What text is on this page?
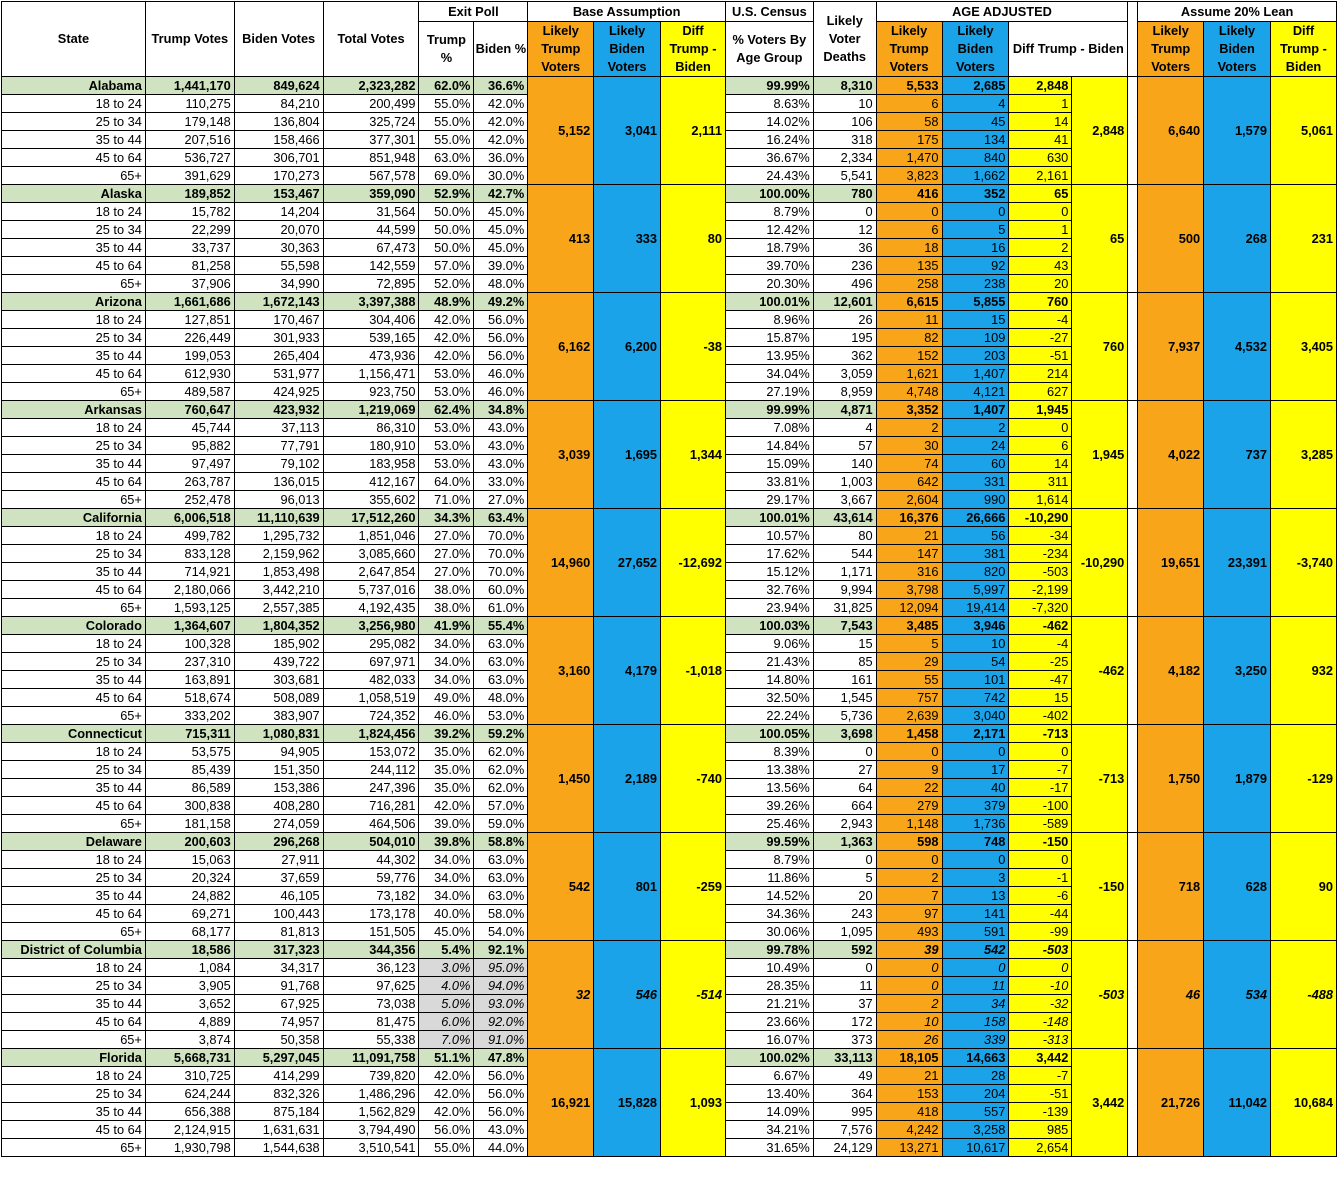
State	Trump Votes	Biden Votes	Total Votes	Exit Poll		Base Assumption			U.S. Census	Likely Voter Deaths	AGE ADJUSTED					Assume 20% Lean		
				Trump %	Biden %	Likely Trump Voters	Likely Biden Voters	Diff Trump - Biden	% Voters By Age Group		Likely Trump Voters	Likely Biden Voters	Diff Trump - Biden			Likely Trump Voters	Likely Biden Voters	Diff Trump - Biden

Alabama	1,441,170	849,624	2,323,282	62.0%	36.6%	5,152	3,041	2,111	99.99%	8,310	5,533	2,685	2,848	2,848		6,640	1,579	5,061
18 to 24	110,275	84,210	200,499	55.0%	42.0%				8.63%	10	6	4	1					
25 to 34	179,148	136,804	325,724	55.0%	42.0%				14.02%	106	58	45	14					
35 to 44	207,516	158,466	377,301	55.0%	42.0%				16.24%	318	175	134	41					
45 to 64	536,727	306,701	851,948	63.0%	36.0%				36.67%	2,334	1,470	840	630					
65+	391,629	170,273	567,578	69.0%	30.0%				24.43%	5,541	3,823	1,662	2,161					
Alaska	189,852	153,467	359,090	52.9%	42.7%	413	333	80	100.00%	780	416	352	65	65		500	268	231
18 to 24	15,782	14,204	31,564	50.0%	45.0%				8.79%	0	0	0	0					
25 to 34	22,299	20,070	44,599	50.0%	45.0%				12.42%	12	6	5	1					
35 to 44	33,737	30,363	67,473	50.0%	45.0%				18.79%	36	18	16	2					
45 to 64	81,258	55,598	142,559	57.0%	39.0%				39.70%	236	135	92	43					
65+	37,906	34,990	72,895	52.0%	48.0%				20.30%	496	258	238	20					
Arizona	1,661,686	1,672,143	3,397,388	48.9%	49.2%	6,162	6,200	-38	100.01%	12,601	6,615	5,855	760	760		7,937	4,532	3,405
18 to 24	127,851	170,467	304,406	42.0%	56.0%				8.96%	26	11	15	-4					
25 to 34	226,449	301,933	539,165	42.0%	56.0%				15.87%	195	82	109	-27					
35 to 44	199,053	265,404	473,936	42.0%	56.0%				13.95%	362	152	203	-51					
45 to 64	612,930	531,977	1,156,471	53.0%	46.0%				34.04%	3,059	1,621	1,407	214					
65+	489,587	424,925	923,750	53.0%	46.0%				27.19%	8,959	4,748	4,121	627					
Arkansas	760,647	423,932	1,219,069	62.4%	34.8%	3,039	1,695	1,344	99.99%	4,871	3,352	1,407	1,945	1,945		4,022	737	3,285
18 to 24	45,744	37,113	86,310	53.0%	43.0%				7.08%	4	2	2	0					
25 to 34	95,882	77,791	180,910	53.0%	43.0%				14.84%	57	30	24	6					
35 to 44	97,497	79,102	183,958	53.0%	43.0%				15.09%	140	74	60	14					
45 to 64	263,787	136,015	412,167	64.0%	33.0%				33.81%	1,003	642	331	311					
65+	252,478	96,013	355,602	71.0%	27.0%				29.17%	3,667	2,604	990	1,614					
California	6,006,518	11,110,639	17,512,260	34.3%	63.4%	14,960	27,652	-12,692	100.01%	43,614	16,376	26,666	-10,290	-10,290		19,651	23,391	-3,740
18 to 24	499,782	1,295,732	1,851,046	27.0%	70.0%				10.57%	80	21	56	-34					
25 to 34	833,128	2,159,962	3,085,660	27.0%	70.0%				17.62%	544	147	381	-234					
35 to 44	714,921	1,853,498	2,647,854	27.0%	70.0%				15.12%	1,171	316	820	-503					
45 to 64	2,180,066	3,442,210	5,737,016	38.0%	60.0%				32.76%	9,994	3,798	5,997	-2,199					
65+	1,593,125	2,557,385	4,192,435	38.0%	61.0%				23.94%	31,825	12,094	19,414	-7,320					
Colorado	1,364,607	1,804,352	3,256,980	41.9%	55.4%	3,160	4,179	-1,018	100.03%	7,543	3,485	3,946	-462	-462		4,182	3,250	932
18 to 24	100,328	185,902	295,082	34.0%	63.0%				9.06%	15	5	10	-4					
25 to 34	237,310	439,722	697,971	34.0%	63.0%				21.43%	85	29	54	-25					
35 to 44	163,891	303,681	482,033	34.0%	63.0%				14.80%	161	55	101	-47					
45 to 64	518,674	508,089	1,058,519	49.0%	48.0%				32.50%	1,545	757	742	15					
65+	333,202	383,907	724,352	46.0%	53.0%				22.24%	5,736	2,639	3,040	-402					
Connecticut	715,311	1,080,831	1,824,456	39.2%	59.2%	1,450	2,189	-740	100.05%	3,698	1,458	2,171	-713	-713		1,750	1,879	-129
18 to 24	53,575	94,905	153,072	35.0%	62.0%				8.39%	0	0	0	0					
25 to 34	85,439	151,350	244,112	35.0%	62.0%				13.38%	27	9	17	-7					
35 to 44	86,589	153,386	247,396	35.0%	62.0%				13.56%	64	22	40	-17					
45 to 64	300,838	408,280	716,281	42.0%	57.0%				39.26%	664	279	379	-100					
65+	181,158	274,059	464,506	39.0%	59.0%				25.46%	2,943	1,148	1,736	-589					
Delaware	200,603	296,268	504,010	39.8%	58.8%	542	801	-259	99.59%	1,363	598	748	-150	-150		718	628	90
18 to 24	15,063	27,911	44,302	34.0%	63.0%				8.79%	0	0	0	0					
25 to 34	20,324	37,659	59,776	34.0%	63.0%				11.86%	5	2	3	-1					
35 to 44	24,882	46,105	73,182	34.0%	63.0%				14.52%	20	7	13	-6					
45 to 64	69,271	100,443	173,178	40.0%	58.0%				34.36%	243	97	141	-44					
65+	68,177	81,813	151,505	45.0%	54.0%				30.06%	1,095	493	591	-99					
District of Columbia	18,586	317,323	344,356	5.4%	92.1%	32	546	-514	99.78%	592	39	542	-503	-503		46	534	-488
18 to 24	1,084	34,317	36,123	3.0%	95.0%				10.49%	0	0	0	0					
25 to 34	3,905	91,768	97,625	4.0%	94.0%				28.35%	11	0	11	-10					
35 to 44	3,652	67,925	73,038	5.0%	93.0%				21.21%	37	2	34	-32					
45 to 64	4,889	74,957	81,475	6.0%	92.0%				23.66%	172	10	158	-148					
65+	3,874	50,358	55,338	7.0%	91.0%				16.07%	373	26	339	-313					
Florida	5,668,731	5,297,045	11,091,758	51.1%	47.8%	16,921	15,828	1,093	100.02%	33,113	18,105	14,663	3,442	3,442		21,726	11,042	10,684
18 to 24	310,725	414,299	739,820	42.0%	56.0%				6.67%	49	21	28	-7					
25 to 34	624,244	832,326	1,486,296	42.0%	56.0%				13.40%	364	153	204	-51					
35 to 44	656,388	875,184	1,562,829	42.0%	56.0%				14.09%	995	418	557	-139					
45 to 64	2,124,915	1,631,631	3,794,490	56.0%	43.0%				34.21%	7,576	4,242	3,258	985					
65+	1,930,798	1,544,638	3,510,541	55.0%	44.0%				31.65%	24,129	13,271	10,617	2,654					
